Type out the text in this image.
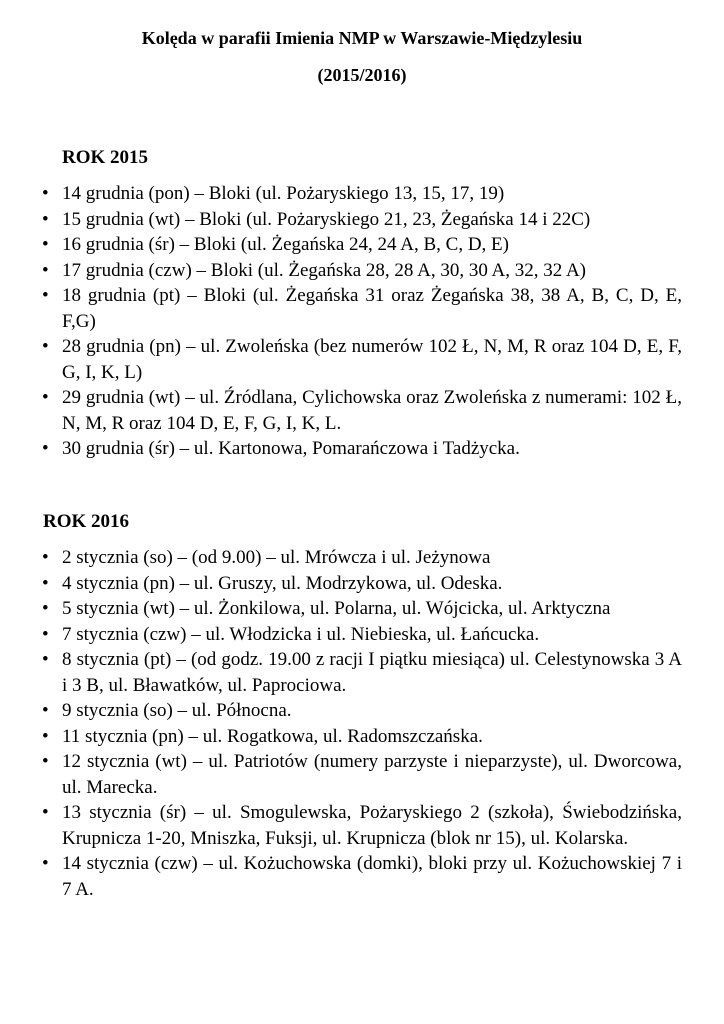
Kolęda w parafii Imienia NMP w Warszawie-Międzylesiu
(2015/2016)
ROK 2015
• 14 grudnia (pon) – Bloki (ul. Pożaryskiego 13, 15, 17, 19)
• 15 grudnia (wt) – Bloki (ul. Pożaryskiego 21, 23, Żegańska 14 i 22C)
• 16 grudnia (śr) – Bloki (ul. Żegańska 24, 24 A, B, C, D, E)
• 17 grudnia (czw) – Bloki (ul. Żegańska 28, 28 A, 30, 30 A, 32, 32 A)
• 18 grudnia (pt) – Bloki (ul. Żegańska 31 oraz Żegańska 38, 38 A, B, C, D, E, F,G)
• 28 grudnia (pn) – ul. Zwoleńska (bez numerów 102 Ł, N, M, R oraz 104 D, E, F, G, I, K, L)
• 29 grudnia (wt) – ul. Źródlana, Cylichowska oraz Zwoleńska z numerami: 102 Ł, N, M, R oraz 104 D, E, F, G, I, K, L.
• 30 grudnia (śr) – ul. Kartonowa, Pomarańczowa i Tadżycka.
ROK 2016
• 2 stycznia (so) – (od 9.00) – ul. Mrówcza i ul. Jeżynowa
• 4 stycznia (pn) – ul. Gruszy, ul. Modrzykowa, ul. Odeska.
• 5 stycznia (wt) – ul. Żonkilowa, ul. Polarna, ul. Wójcicka, ul. Arktyczna
• 7 stycznia (czw) – ul. Włodzicka i ul. Niebieska, ul. Łańcucka.
• 8 stycznia (pt) – (od godz. 19.00 z racji I piątku miesiąca) ul. Celestynowska 3 A i 3 B, ul. Bławatków, ul. Paprociowa.
• 9 stycznia (so) – ul. Północna.
• 11 stycznia (pn) – ul. Rogatkowa, ul. Radomszczańska.
• 12 stycznia (wt) – ul. Patriotów (numery parzyste i nieparzyste), ul. Dworcowa, ul. Marecka.
• 13 stycznia (śr) – ul. Smogulewska, Pożaryskiego 2 (szkoła), Świebodzińska, Krupnicza 1-20, Mniszka, Fuksji, ul. Krupnicza (blok nr 15), ul. Kolarska.
• 14 stycznia (czw) – ul. Kożuchowska (domki), bloki przy ul. Kożuchowskiej 7 i 7 A.
